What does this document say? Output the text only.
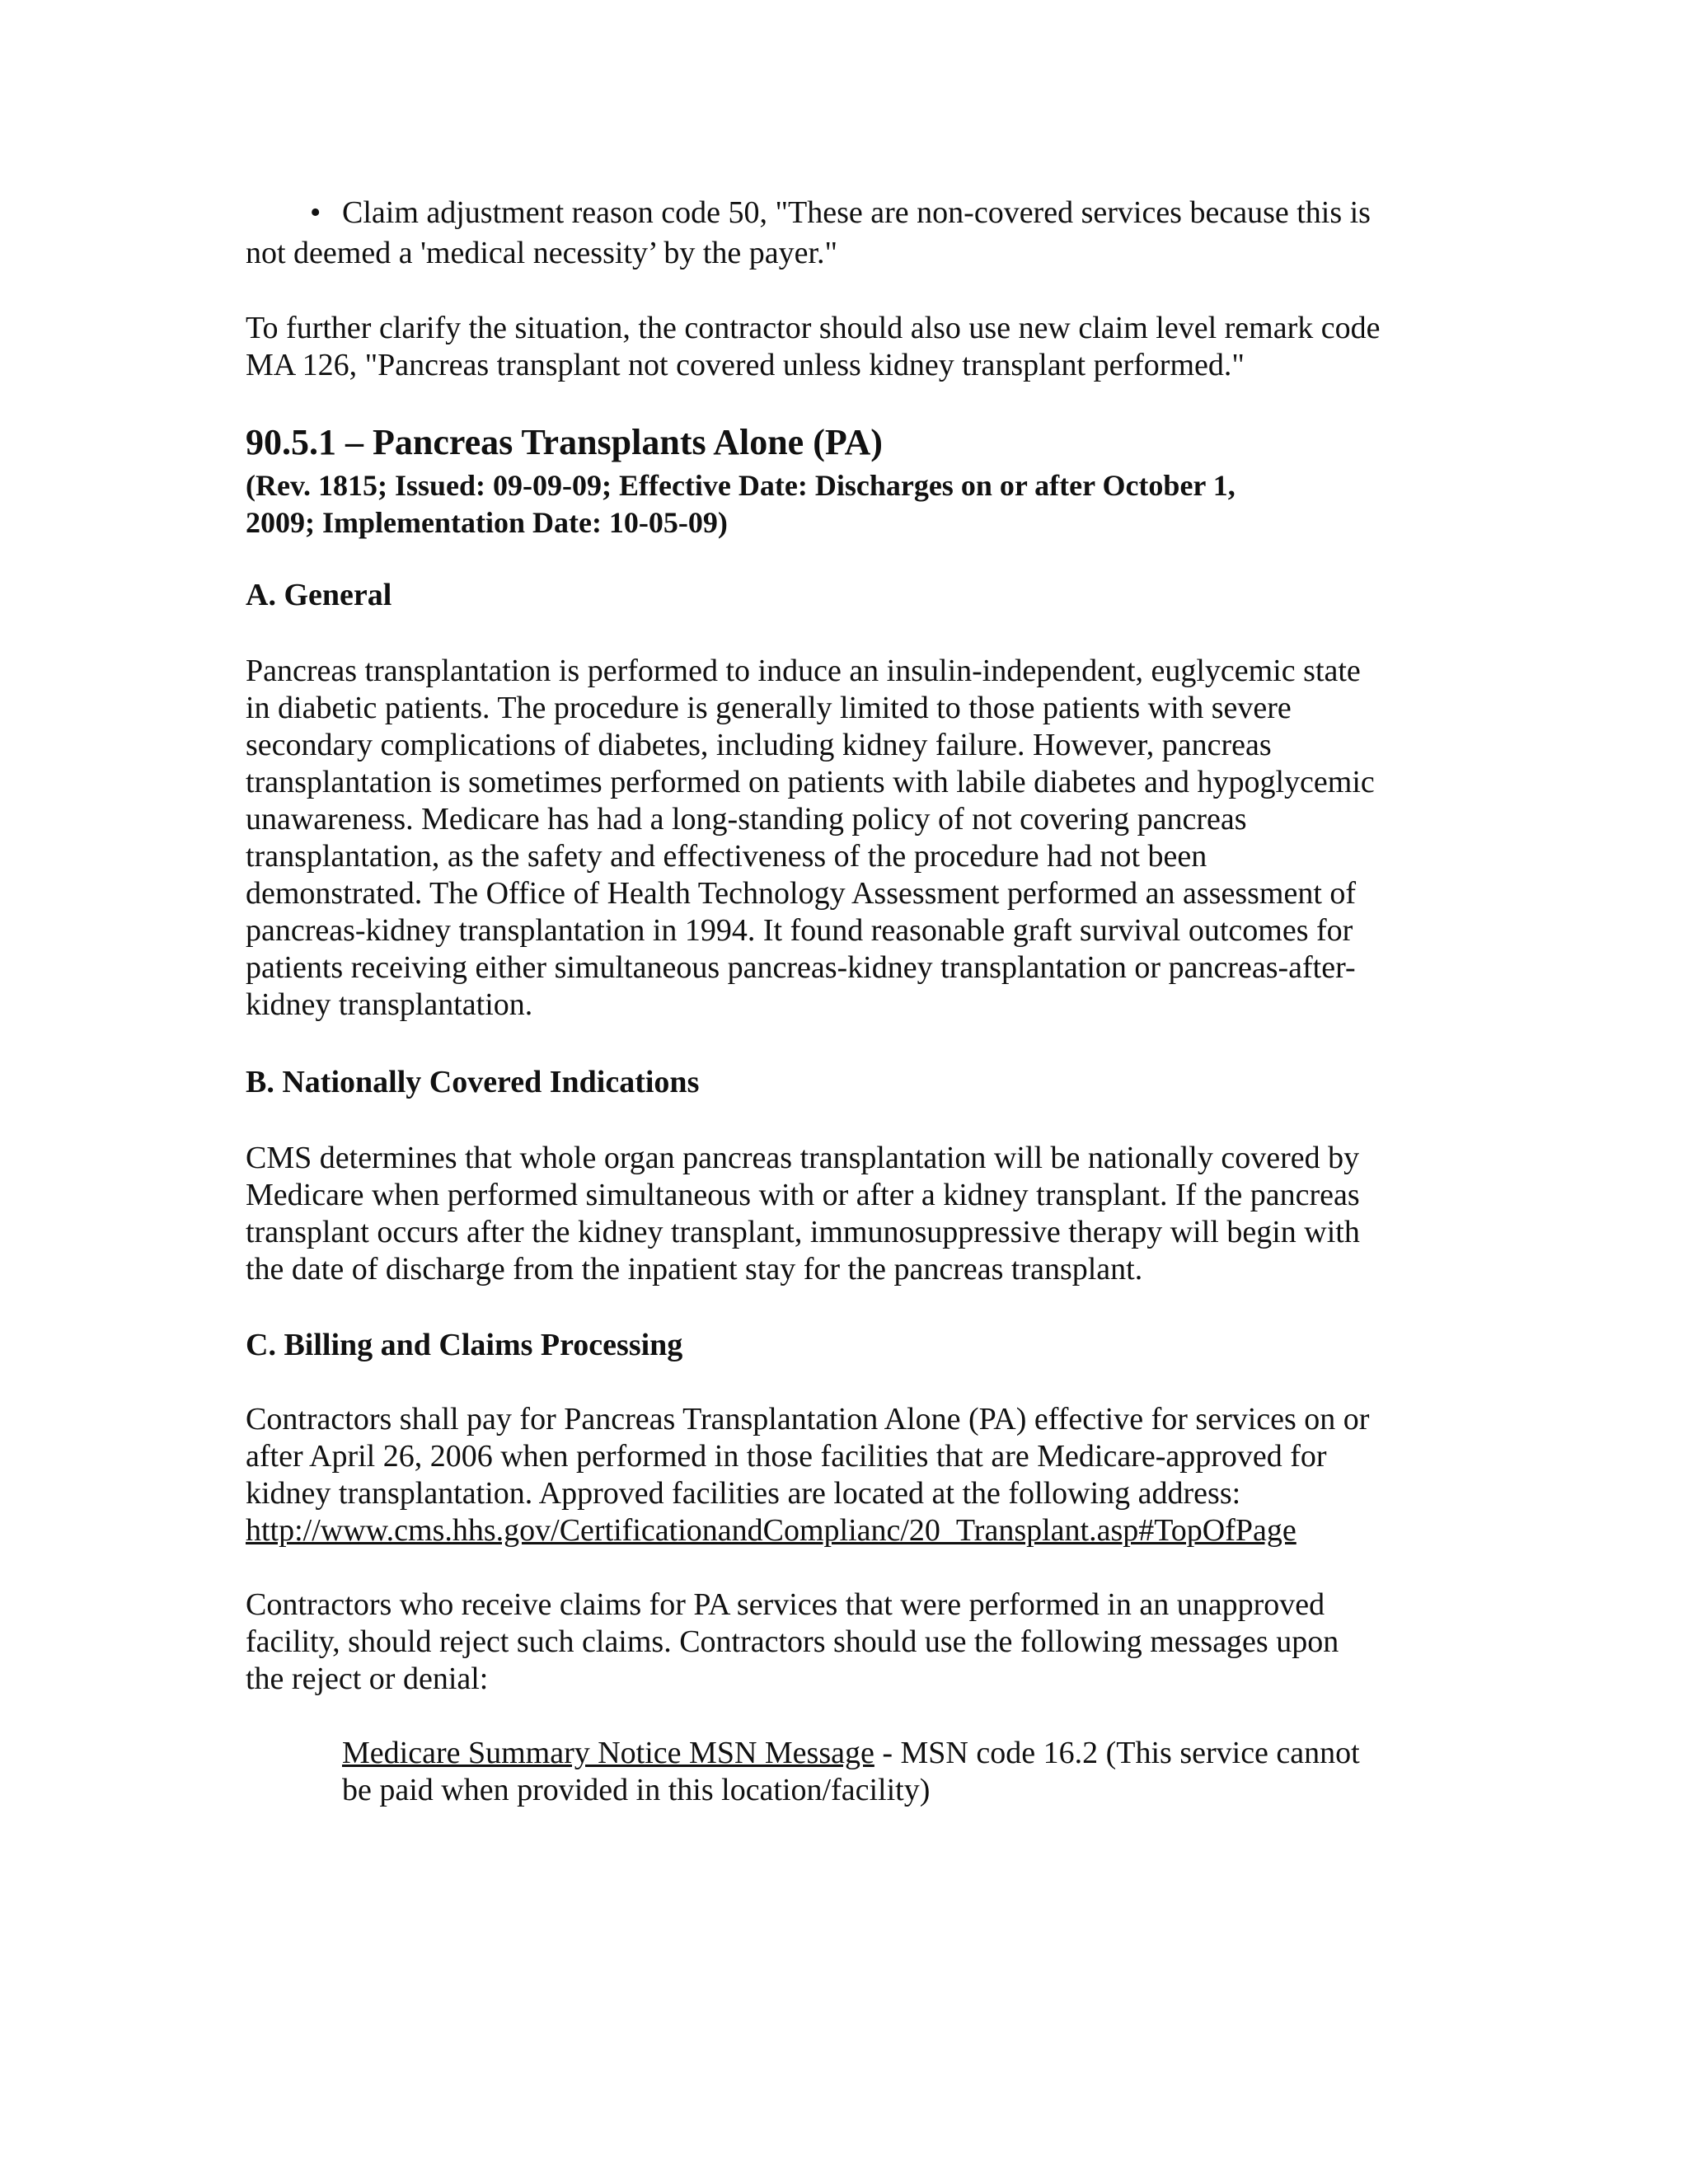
• Claim adjustment reason code 50, "These are non-covered services because this is
not deemed a 'medical necessity’ by the payer."
To further clarify the situation, the contractor should also use new claim level remark code
MA 126, "Pancreas transplant not covered unless kidney transplant performed."
90.5.1 – Pancreas Transplants Alone (PA)
(Rev. 1815; Issued: 09-09-09; Effective Date: Discharges on or after October 1,
2009; Implementation Date: 10-05-09)
A. General
Pancreas transplantation is performed to induce an insulin-independent, euglycemic state
in diabetic patients. The procedure is generally limited to those patients with severe
secondary complications of diabetes, including kidney failure. However, pancreas
transplantation is sometimes performed on patients with labile diabetes and hypoglycemic
unawareness. Medicare has had a long-standing policy of not covering pancreas
transplantation, as the safety and effectiveness of the procedure had not been
demonstrated. The Office of Health Technology Assessment performed an assessment of
pancreas-kidney transplantation in 1994. It found reasonable graft survival outcomes for
patients receiving either simultaneous pancreas-kidney transplantation or pancreas-after-
kidney transplantation.
B. Nationally Covered Indications
CMS determines that whole organ pancreas transplantation will be nationally covered by
Medicare when performed simultaneous with or after a kidney transplant. If the pancreas
transplant occurs after the kidney transplant, immunosuppressive therapy will begin with
the date of discharge from the inpatient stay for the pancreas transplant.
C. Billing and Claims Processing
Contractors shall pay for Pancreas Transplantation Alone (PA) effective for services on or
after April 26, 2006 when performed in those facilities that are Medicare-approved for
kidney transplantation. Approved facilities are located at the following address:
http://www.cms.hhs.gov/CertificationandComplianc/20_Transplant.asp#TopOfPage
Contractors who receive claims for PA services that were performed in an unapproved
facility, should reject such claims. Contractors should use the following messages upon
the reject or denial:
Medicare Summary Notice MSN Message - MSN code 16.2 (This service cannot
be paid when provided in this location/facility)
